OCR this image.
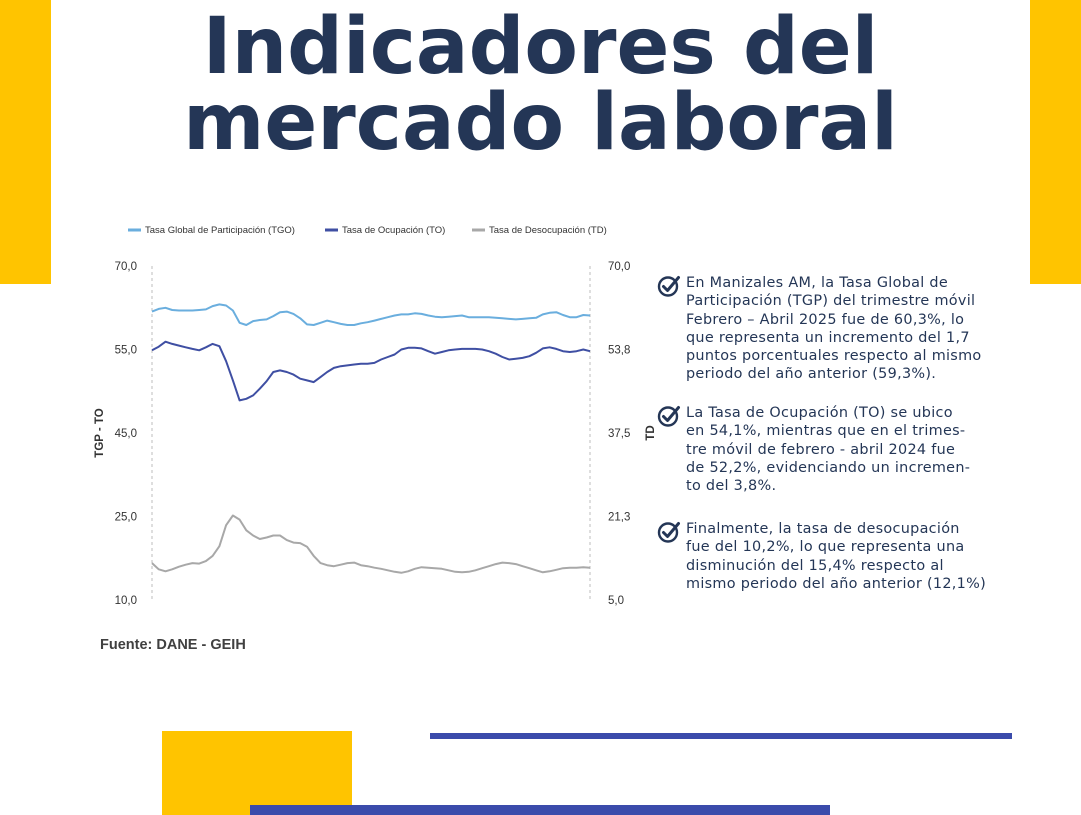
Indicadores del
mercado laboral
70,0
55,0
45,0
25,0
10,0
70,0
53,8
37,5
21,3
5,0
TGP - TO	TD
Tasa Global de Participación (TGO)	Tasa de Ocupación (TO)	Tasa de Desocupación (TD)
Fuente: DANE - GEIH
En Manizales AM, la Tasa Global de
Participación (TGP) del trimestre móvil
Febrero – Abril 2025 fue de 60,3%, lo
que representa un incremento del 1,7
puntos porcentuales respecto al mismo
periodo del año anterior (59,3%).
La Tasa de Ocupación (TO) se ubico
en 54,1%, mientras que en el trimes-
tre móvil de febrero - abril 2024 fue
de 52,2%, evidenciando un incremen-
to del 3,8%.
Finalmente, la tasa de desocupación
fue del 10,2%, lo que representa una
disminución del 15,4% respecto al
mismo periodo del año anterior (12,1%)
